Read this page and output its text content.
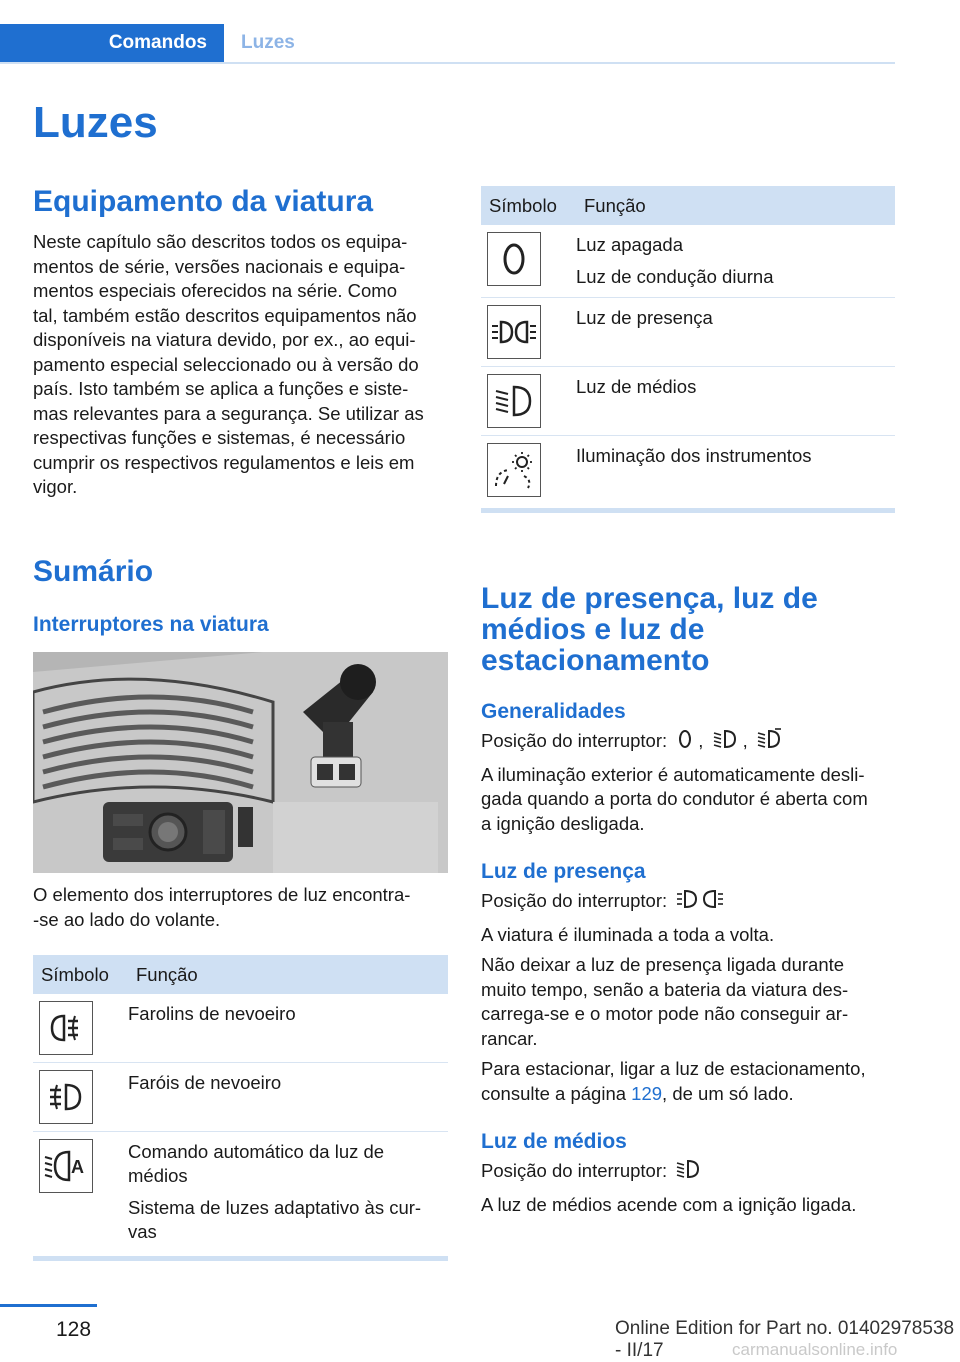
Comandos Luzes
Luzes
Equipamento da viatura

Neste capítulo são descritos todos os equipa-

mentos de série, versões nacionais e equipa-

mentos especiais oferecidos na série. Como

tal, também estão descritos equipamentos não

disponíveis na viatura devido, por ex., ao equi-

pamento especial seleccionado ou à versão do

país. Isto também se aplica a funções e siste-

mas relevantes para a segurança. Se utilizar as

respectivas funções e sistemas, é necessário

cumprir os respectivos regulamentos e leis em

vigor.

Sumário
Interruptores na viatura

O elemento dos interruptores de luz encontra-

-se ao lado do volante.

Símbolo	Função

Farolins de nevoeiro

Faróis de nevoeiro

A	Comando automático da luz de médios
Sistema de luzes adaptativo às cur- vas
Símbolo	Função

Luz apagada
Luz de condução diurna

Luz de presença

Luz de médios

Iluminação dos instrumentos
Luz de presença, luz de
médios e luz de
estacionamento
Generalidades

Posição do interruptor: , ,

A iluminação exterior é automaticamente desli-

gada quando a porta do condutor é aberta com

a ignição desligada.

Luz de presença

Posição do interruptor:

A viatura é iluminada a toda a volta.

Não deixar a luz de presença ligada durante

muito tempo, senão a bateria da viatura des-

carrega-se e o motor pode não conseguir ar-

rancar.

Para estacionar, ligar a luz de estacionamento,

consulte a página 129, de um só lado.

Luz de médios

Posição do interruptor:

A luz de médios acende com a ignição ligada.

128	Online Edition for Part no. 01402978538 - II/17	carmanualsonline.info
